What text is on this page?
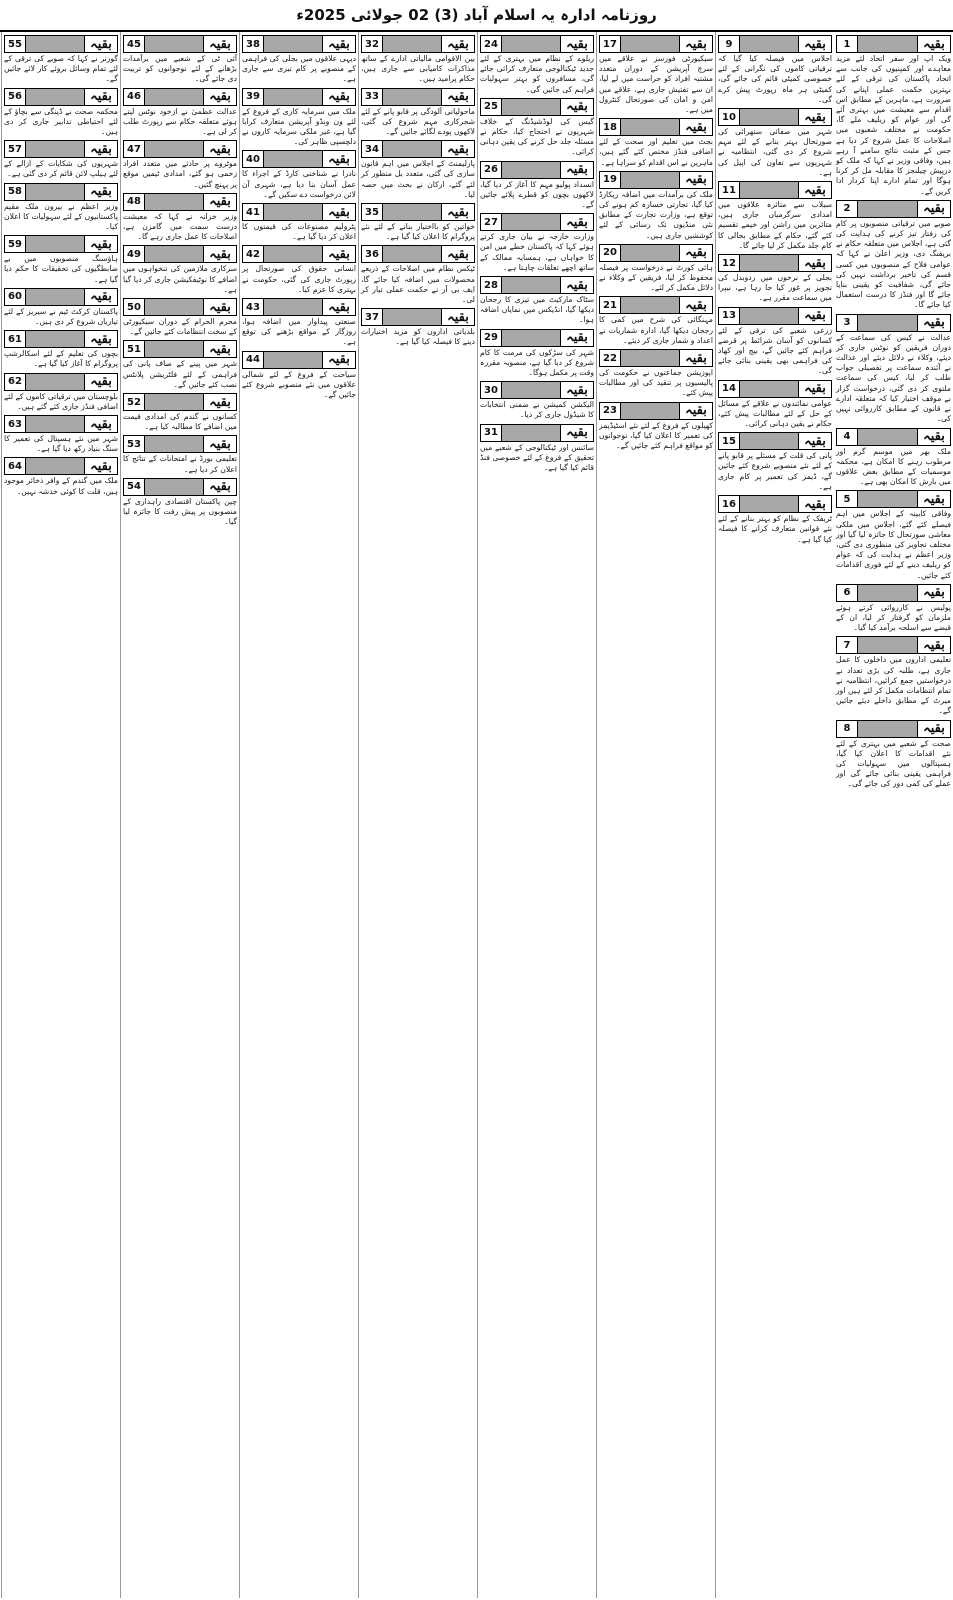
روزنامہ ادارہ یہ اسلام آباد (3) 02 جولائی 2025ء
بقیہ
1
ویک اپ اور سفر اتحاد لئے مزید معاہدے اور کمپنیوں کی جانب سے اتحاد پاکستان کی ترقی کے لئے بہترین حکمت عملی اپنانے کی ضرورت ہے، ماہرین کے مطابق اس اقدام سے معیشت میں بہتری آئے گی اور عوام کو ریلیف ملے گا، حکومت نے مختلف شعبوں میں اصلاحات کا عمل شروع کر دیا ہے جس کے مثبت نتائج سامنے آ رہے ہیں، وفاقی وزیر نے کہا کہ ملک کو درپیش چیلنجز کا مقابلہ مل کر کرنا ہوگا اور تمام ادارے اپنا کردار ادا کریں گے۔
بقیہ
2
صوبے میں ترقیاتی منصوبوں پر کام کی رفتار تیز کرنے کی ہدایت کی گئی ہے، اجلاس میں متعلقہ حکام نے بریفنگ دی، وزیر اعلیٰ نے کہا کہ عوامی فلاح کے منصوبوں میں کسی قسم کی تاخیر برداشت نہیں کی جائے گی، شفافیت کو یقینی بنایا جائے گا اور فنڈز کا درست استعمال کیا جائے گا۔
بقیہ
3
عدالت نے کیس کی سماعت کے دوران فریقین کو نوٹس جاری کر دیئے، وکلاء نے دلائل دیئے اور عدالت نے آئندہ سماعت پر تفصیلی جواب طلب کر لیا، کیس کی سماعت ملتوی کر دی گئی، درخواست گزار نے موقف اختیار کیا کہ متعلقہ ادارے نے قانون کے مطابق کارروائی نہیں کی۔
بقیہ
4
ملک بھر میں موسم گرم اور مرطوب رہنے کا امکان ہے، محکمہ موسمیات کے مطابق بعض علاقوں میں بارش کا امکان بھی ہے۔
بقیہ
5
وفاقی کابینہ کے اجلاس میں اہم فیصلے کئے گئے، اجلاس میں ملکی معاشی صورتحال کا جائزہ لیا گیا اور مختلف تجاویز کی منظوری دی گئی، وزیر اعظم نے ہدایت کی کہ عوام کو ریلیف دینے کے لئے فوری اقدامات کئے جائیں۔
بقیہ
6
پولیس نے کارروائی کرتے ہوئے ملزمان کو گرفتار کر لیا، ان کے قبضے سے اسلحہ برآمد کیا گیا۔
بقیہ
7
تعلیمی اداروں میں داخلوں کا عمل جاری ہے، طلبہ کی بڑی تعداد نے درخواستیں جمع کرائیں، انتظامیہ نے تمام انتظامات مکمل کر لئے ہیں اور میرٹ کے مطابق داخلے دیئے جائیں گے۔
بقیہ
8
صحت کے شعبے میں بہتری کے لئے نئے اقدامات کا اعلان کیا گیا، ہسپتالوں میں سہولیات کی فراہمی یقینی بنائی جائے گی اور عملے کی کمی دور کی جائے گی۔
بقیہ
9
اجلاس میں فیصلہ کیا گیا کہ ترقیاتی کاموں کی نگرانی کے لئے خصوصی کمیٹی قائم کی جائے گی، کمیٹی ہر ماہ رپورٹ پیش کرے گی۔
بقیہ
10
شہر میں صفائی ستھرائی کی صورتحال بہتر بنانے کے لئے مہم شروع کر دی گئی، انتظامیہ نے شہریوں سے تعاون کی اپیل کی ہے۔
بقیہ
11
سیلاب سے متاثرہ علاقوں میں امدادی سرگرمیاں جاری ہیں، متاثرین میں راشن اور خیمے تقسیم کئے گئے، حکام کے مطابق بحالی کا کام جلد مکمل کر لیا جائے گا۔
بقیہ
12
بجلی کے نرخوں میں ردوبدل کی تجویز پر غور کیا جا رہا ہے، نیپرا میں سماعت مقرر ہے۔
بقیہ
13
زرعی شعبے کی ترقی کے لئے کسانوں کو آسان شرائط پر قرضے فراہم کئے جائیں گے، بیج اور کھاد کی فراہمی بھی یقینی بنائی جائے گی۔
بقیہ
14
عوامی نمائندوں نے علاقے کے مسائل کے حل کے لئے مطالبات پیش کئے، حکام نے یقین دہانی کرائی۔
بقیہ
15
پانی کی قلت کے مسئلے پر قابو پانے کے لئے نئے منصوبے شروع کئے جائیں گے، ڈیمز کی تعمیر پر کام جاری ہے۔
بقیہ
16
ٹریفک کے نظام کو بہتر بنانے کے لئے نئے قوانین متعارف کرانے کا فیصلہ کیا گیا ہے۔
بقیہ
17
سیکیورٹی فورسز نے علاقے میں سرچ آپریشن کے دوران متعدد مشتبہ افراد کو حراست میں لے لیا، ان سے تفتیش جاری ہے، علاقے میں امن و امان کی صورتحال کنٹرول میں ہے۔
بقیہ
18
بجٹ میں تعلیم اور صحت کے لئے اضافی فنڈز مختص کئے گئے ہیں، ماہرین نے اس اقدام کو سراہا ہے۔
بقیہ
19
ملک کی برآمدات میں اضافہ ریکارڈ کیا گیا، تجارتی خسارہ کم ہونے کی توقع ہے، وزارت تجارت کے مطابق نئی منڈیوں تک رسائی کے لئے کوششیں جاری ہیں۔
بقیہ
20
ہائی کورٹ نے درخواست پر فیصلہ محفوظ کر لیا، فریقین کے وکلاء نے دلائل مکمل کر لئے۔
بقیہ
21
مہنگائی کی شرح میں کمی کا رجحان دیکھا گیا، ادارہ شماریات نے اعداد و شمار جاری کر دیئے۔
بقیہ
22
اپوزیشن جماعتوں نے حکومت کی پالیسیوں پر تنقید کی اور مطالبات پیش کئے۔
بقیہ
23
کھیلوں کے فروغ کے لئے نئے اسٹیڈیمز کی تعمیر کا اعلان کیا گیا، نوجوانوں کو مواقع فراہم کئے جائیں گے۔
بقیہ
24
ریلوے کے نظام میں بہتری کے لئے جدید ٹیکنالوجی متعارف کرائی جائے گی، مسافروں کو بہتر سہولیات فراہم کی جائیں گی۔
بقیہ
25
گیس کی لوڈشیڈنگ کے خلاف شہریوں نے احتجاج کیا، حکام نے مسئلہ جلد حل کرنے کی یقین دہانی کرائی۔
بقیہ
26
انسداد پولیو مہم کا آغاز کر دیا گیا، لاکھوں بچوں کو قطرے پلائے جائیں گے۔
بقیہ
27
وزارت خارجہ نے بیان جاری کرتے ہوئے کہا کہ پاکستان خطے میں امن کا خواہاں ہے، ہمسایہ ممالک کے ساتھ اچھے تعلقات چاہتا ہے۔
بقیہ
28
سٹاک مارکیٹ میں تیزی کا رجحان دیکھا گیا، انڈیکس میں نمایاں اضافہ ہوا۔
بقیہ
29
شہر کی سڑکوں کی مرمت کا کام شروع کر دیا گیا ہے، منصوبہ مقررہ وقت پر مکمل ہوگا۔
بقیہ
30
الیکشن کمیشن نے ضمنی انتخابات کا شیڈول جاری کر دیا۔
بقیہ
31
سائنس اور ٹیکنالوجی کے شعبے میں تحقیق کے فروغ کے لئے خصوصی فنڈ قائم کیا گیا ہے۔
بقیہ
32
بین الاقوامی مالیاتی ادارے کے ساتھ مذاکرات کامیابی سے جاری ہیں، حکام پرامید ہیں۔
بقیہ
33
ماحولیاتی آلودگی پر قابو پانے کے لئے شجرکاری مہم شروع کی گئی، لاکھوں پودے لگائے جائیں گے۔
بقیہ
34
پارلیمنٹ کے اجلاس میں اہم قانون سازی کی گئی، متعدد بل منظور کر لئے گئے، ارکان نے بحث میں حصہ لیا۔
بقیہ
35
خواتین کو بااختیار بنانے کے لئے نئے پروگرام کا اعلان کیا گیا ہے۔
بقیہ
36
ٹیکس نظام میں اصلاحات کے ذریعے محصولات میں اضافہ کیا جائے گا، ایف بی آر نے حکمت عملی تیار کر لی۔
بقیہ
37
بلدیاتی اداروں کو مزید اختیارات دینے کا فیصلہ کیا گیا ہے۔
بقیہ
38
دیہی علاقوں میں بجلی کی فراہمی کے منصوبے پر کام تیزی سے جاری ہے۔
بقیہ
39
ملک میں سرمایہ کاری کے فروغ کے لئے ون ونڈو آپریشن متعارف کرایا گیا ہے، غیر ملکی سرمایہ کاروں نے دلچسپی ظاہر کی۔
بقیہ
40
نادرا نے شناختی کارڈ کے اجراء کا عمل آسان بنا دیا ہے، شہری آن لائن درخواست دے سکیں گے۔
بقیہ
41
پٹرولیم مصنوعات کی قیمتوں کا اعلان کر دیا گیا ہے۔
بقیہ
42
انسانی حقوق کی صورتحال پر رپورٹ جاری کی گئی، حکومت نے بہتری کا عزم کیا۔
بقیہ
43
صنعتی پیداوار میں اضافہ ہوا، روزگار کے مواقع بڑھنے کی توقع ہے۔
بقیہ
44
سیاحت کے فروغ کے لئے شمالی علاقوں میں نئے منصوبے شروع کئے جائیں گے۔
بقیہ
45
آئی ٹی کے شعبے میں برآمدات بڑھانے کے لئے نوجوانوں کو تربیت دی جائے گی۔
بقیہ
46
عدالت عظمیٰ نے ازخود نوٹس لیتے ہوئے متعلقہ حکام سے رپورٹ طلب کر لی ہے۔
بقیہ
47
موٹروے پر حادثے میں متعدد افراد زخمی ہو گئے، امدادی ٹیمیں موقع پر پہنچ گئیں۔
بقیہ
48
وزیر خزانہ نے کہا کہ معیشت درست سمت میں گامزن ہے، اصلاحات کا عمل جاری رہے گا۔
بقیہ
49
سرکاری ملازمین کی تنخواہوں میں اضافے کا نوٹیفکیشن جاری کر دیا گیا ہے۔
بقیہ
50
محرم الحرام کے دوران سیکیورٹی کے سخت انتظامات کئے جائیں گے۔
بقیہ
51
شہر میں پینے کے صاف پانی کی فراہمی کے لئے فلٹریشن پلانٹس نصب کئے جائیں گے۔
بقیہ
52
کسانوں نے گندم کی امدادی قیمت میں اضافے کا مطالبہ کیا ہے۔
بقیہ
53
تعلیمی بورڈ نے امتحانات کے نتائج کا اعلان کر دیا ہے۔
بقیہ
54
چین پاکستان اقتصادی راہداری کے منصوبوں پر پیش رفت کا جائزہ لیا گیا۔
بقیہ
55
گورنر نے کہا کہ صوبے کی ترقی کے لئے تمام وسائل بروئے کار لائے جائیں گے۔
بقیہ
56
محکمہ صحت نے ڈینگی سے بچاؤ کے لئے احتیاطی تدابیر جاری کر دی ہیں۔
بقیہ
57
شہریوں کی شکایات کے ازالے کے لئے ہیلپ لائن قائم کر دی گئی ہے۔
بقیہ
58
وزیر اعظم نے بیرون ملک مقیم پاکستانیوں کے لئے سہولیات کا اعلان کیا۔
بقیہ
59
ہاؤسنگ منصوبوں میں بے ضابطگیوں کی تحقیقات کا حکم دیا گیا ہے۔
بقیہ
60
پاکستان کرکٹ ٹیم نے سیریز کے لئے تیاریاں شروع کر دی ہیں۔
بقیہ
61
بچوں کی تعلیم کے لئے اسکالرشپ پروگرام کا آغاز کیا گیا ہے۔
بقیہ
62
بلوچستان میں ترقیاتی کاموں کے لئے اضافی فنڈز جاری کئے گئے ہیں۔
بقیہ
63
شہر میں نئے ہسپتال کی تعمیر کا سنگ بنیاد رکھ دیا گیا ہے۔
بقیہ
64
ملک میں گندم کے وافر ذخائر موجود ہیں، قلت کا کوئی خدشہ نہیں۔
